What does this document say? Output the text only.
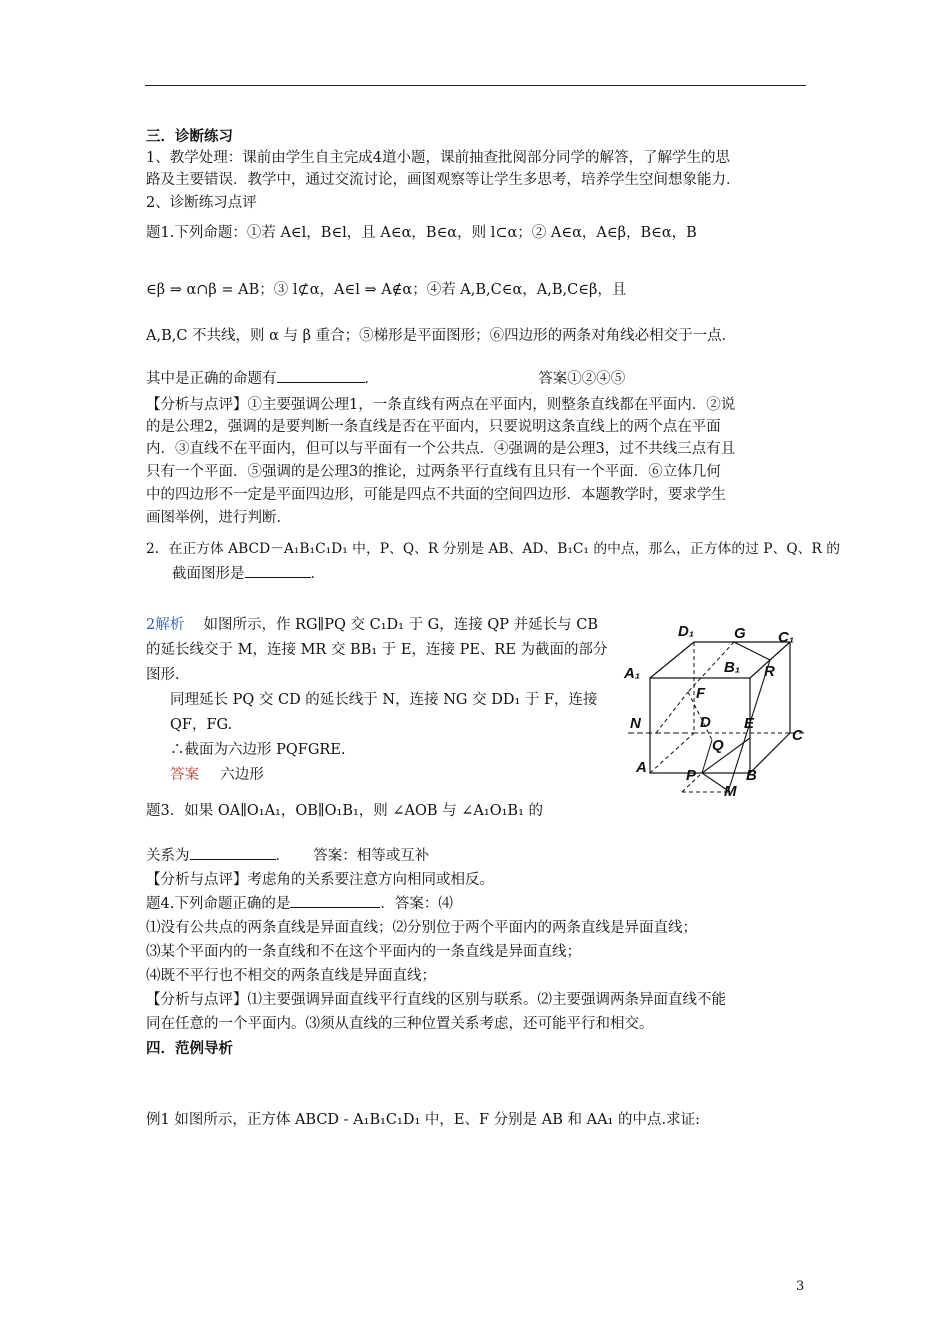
三．诊断练习
1、教学处理：课前由学生自主完成4道小题，课前抽查批阅部分同学的解答，了解学生的思
路及主要错误．教学中，通过交流讨论，画图观察等让学生多思考，培养学生空间想象能力．
2、诊断练习点评
题1.下列命题：①若 A∈l，B∈l，且 A∈α，B∈α，则 l⊂α；② A∈α，A∈β，B∈α，B
∈β ⇒ α∩β = AB；③ l⊄α，A∈l ⇒ A∉α；④若 A,B,C∈α，A,B,C∈β，且
A,B,C 不共线，则 α 与 β 重合；⑤梯形是平面图形；⑥四边形的两条对角线必相交于一点．
其中是正确的命题有	．	答案①②④⑤
【分析与点评】①主要强调公理1，一条直线有两点在平面内，则整条直线都在平面内．②说
的是公理2，强调的是要判断一条直线是否在平面内，只要说明这条直线上的两个点在平面
内．③直线不在平面内，但可以与平面有一个公共点．④强调的是公理3，过不共线三点有且
只有一个平面．⑤强调的是公理3的推论，过两条平行直线有且只有一个平面．⑥立体几何
中的四边形不一定是平面四边形，可能是四点不共面的空间四边形．本题教学时，要求学生
画图举例，进行判断．
2．在正方体 ABCD－A₁B₁C₁D₁ 中，P、Q、R 分别是 AB、AD、B₁C₁ 的中点，那么，正方体的过 P、Q、R 的
截面图形是	．
2解析 如图所示，作 RG∥PQ 交 C₁D₁ 于 G，连接 QP 并延长与 CB
的延长线交于 M，连接 MR 交 BB₁ 于 E，连接 PE、RE 为截面的部分
图形．
同理延长 PQ 交 CD 的延长线于 N，连接 NG 交 DD₁ 于 F，连接
QF，FG.
∴截面为六边形 PQFGRE.
答案 六边形
题3．如果 OA∥O₁A₁，OB∥O₁B₁，则 ∠AOB 与 ∠A₁O₁B₁ 的
关系为	．  答案：相等或互补
【分析与点评】考虑角的关系要注意方向相同或相反。
题4.下列命题正确的是	．答案：⑷
⑴没有公共点的两条直线是异面直线；⑵分别位于两个平面内的两条直线是异面直线；
⑶某个平面内的一条直线和不在这个平面内的一条直线是异面直线；
⑷既不平行也不相交的两条直线是异面直线；
【分析与点评】⑴主要强调异面直线平行直线的区别与联系。⑵主要强调两条异面直线不能
同在任意的一个平面内。⑶须从直线的三种位置关系考虑，还可能平行和相交。
四．范例导析
例1 如图所示，正方体 ABCD - A₁B₁C₁D₁ 中，E、F 分别是 AB 和 AA₁ 的中点.求证:
D₁	G C₁
A₁	B₁ R
F
N	D E
C
Q
A	P	B
M
3
